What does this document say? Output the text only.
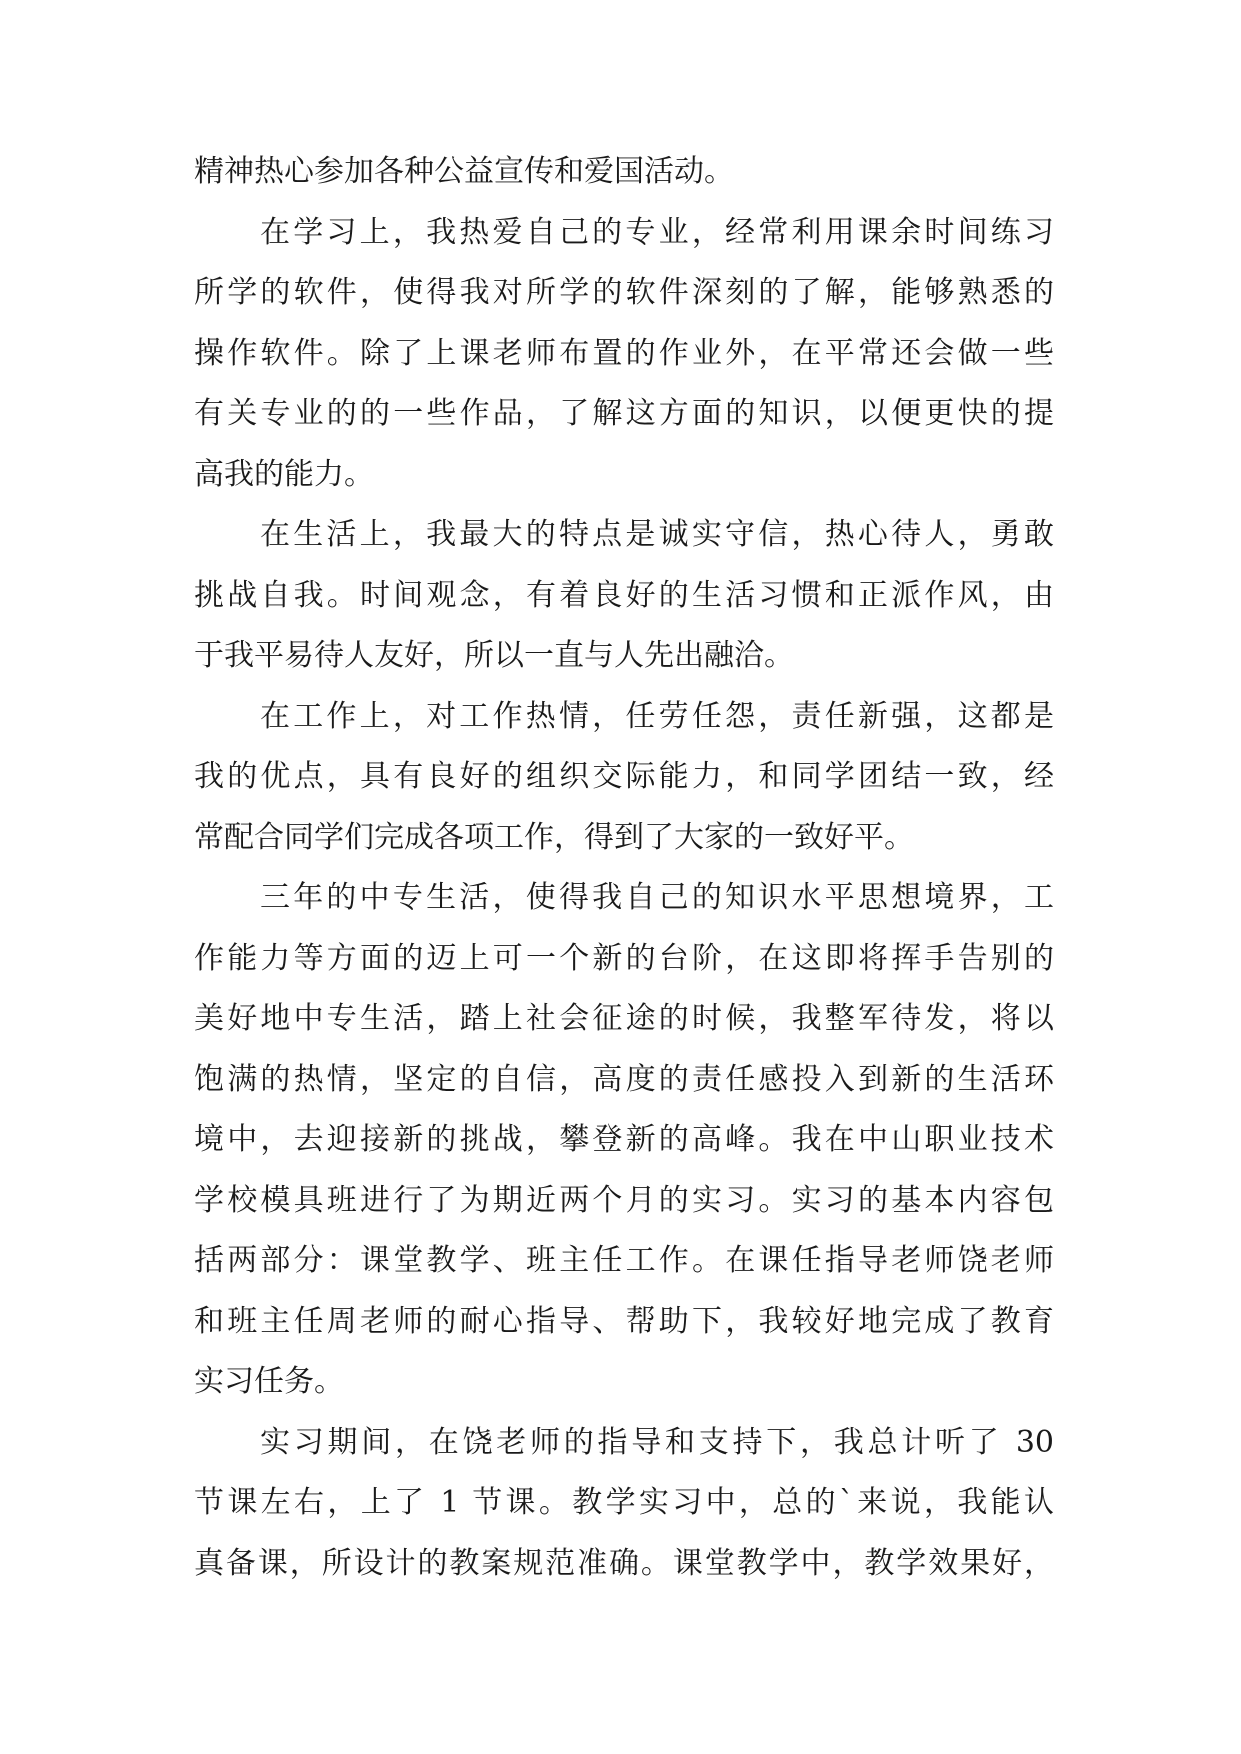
精神热心参加各种公益宣传和爱国活动。
在学习上，我热爱自己的专业，经常利用课余时间练习
所学的软件，使得我对所学的软件深刻的了解，能够熟悉的
操作软件。除了上课老师布置的作业外，在平常还会做一些
有关专业的的一些作品，了解这方面的知识，以便更快的提
高我的能力。
在生活上，我最大的特点是诚实守信，热心待人，勇敢
挑战自我。时间观念，有着良好的生活习惯和正派作风，由
于我平易待人友好，所以一直与人先出融洽。
在工作上，对工作热情，任劳任怨，责任新强，这都是
我的优点，具有良好的组织交际能力，和同学团结一致，经
常配合同学们完成各项工作，得到了大家的一致好平。
三年的中专生活，使得我自己的知识水平思想境界，工
作能力等方面的迈上可一个新的台阶，在这即将挥手告别的
美好地中专生活，踏上社会征途的时候，我整军待发，将以
饱满的热情，坚定的自信，高度的责任感投入到新的生活环
境中，去迎接新的挑战，攀登新的高峰。我在中山职业技术
学校模具班进行了为期近两个月的实习。实习的基本内容包
括两部分：课堂教学、班主任工作。在课任指导老师饶老师
和班主任周老师的耐心指导、帮助下，我较好地完成了教育
实习任务。
实习期间，在饶老师的指导和支持下，我总计听了 30
节课左右，上了 1 节课。教学实习中，总的`来说，我能认
真备课，所设计的教案规范准确。课堂教学中，教学效果好，
